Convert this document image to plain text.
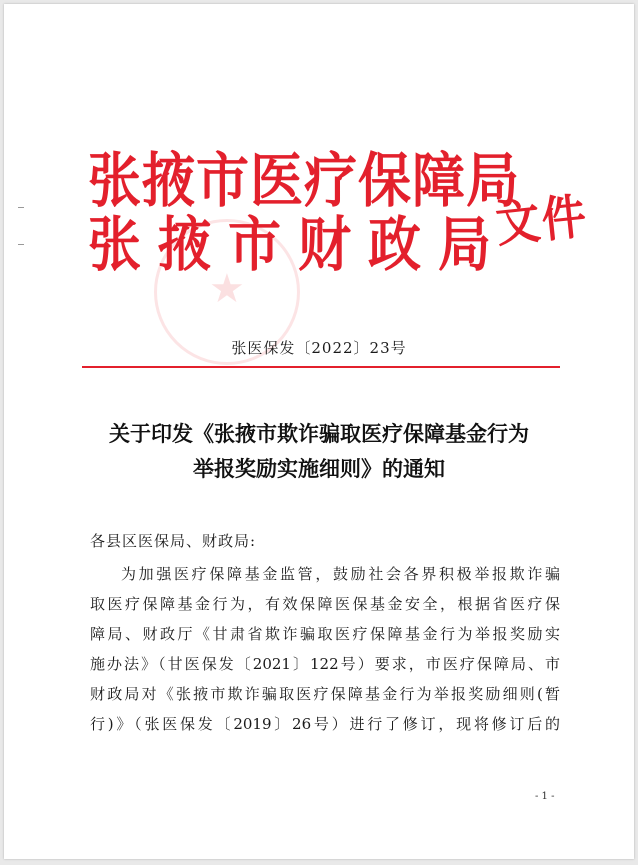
★
张掖市医疗保障局
张掖市财政局
文件
张医保发〔2022〕23号
关于印发《张掖市欺诈骗取医疗保障基金行为
举报奖励实施细则》的通知
各县区医保局、财政局:
为加强医疗保障基金监管，鼓励社会各界积极举报欺诈骗
取医疗保障基金行为，有效保障医保基金安全，根据省医疗保
障局、财政厅《甘肃省欺诈骗取医疗保障基金行为举报奖励实
施办法》（甘医保发〔2021〕122号）要求，市医疗保障局、市
财政局对《张掖市欺诈骗取医疗保障基金行为举报奖励细则(暂
行)》（张医保发〔2019〕26号）进行了修订，现将修订后的
- 1 -
